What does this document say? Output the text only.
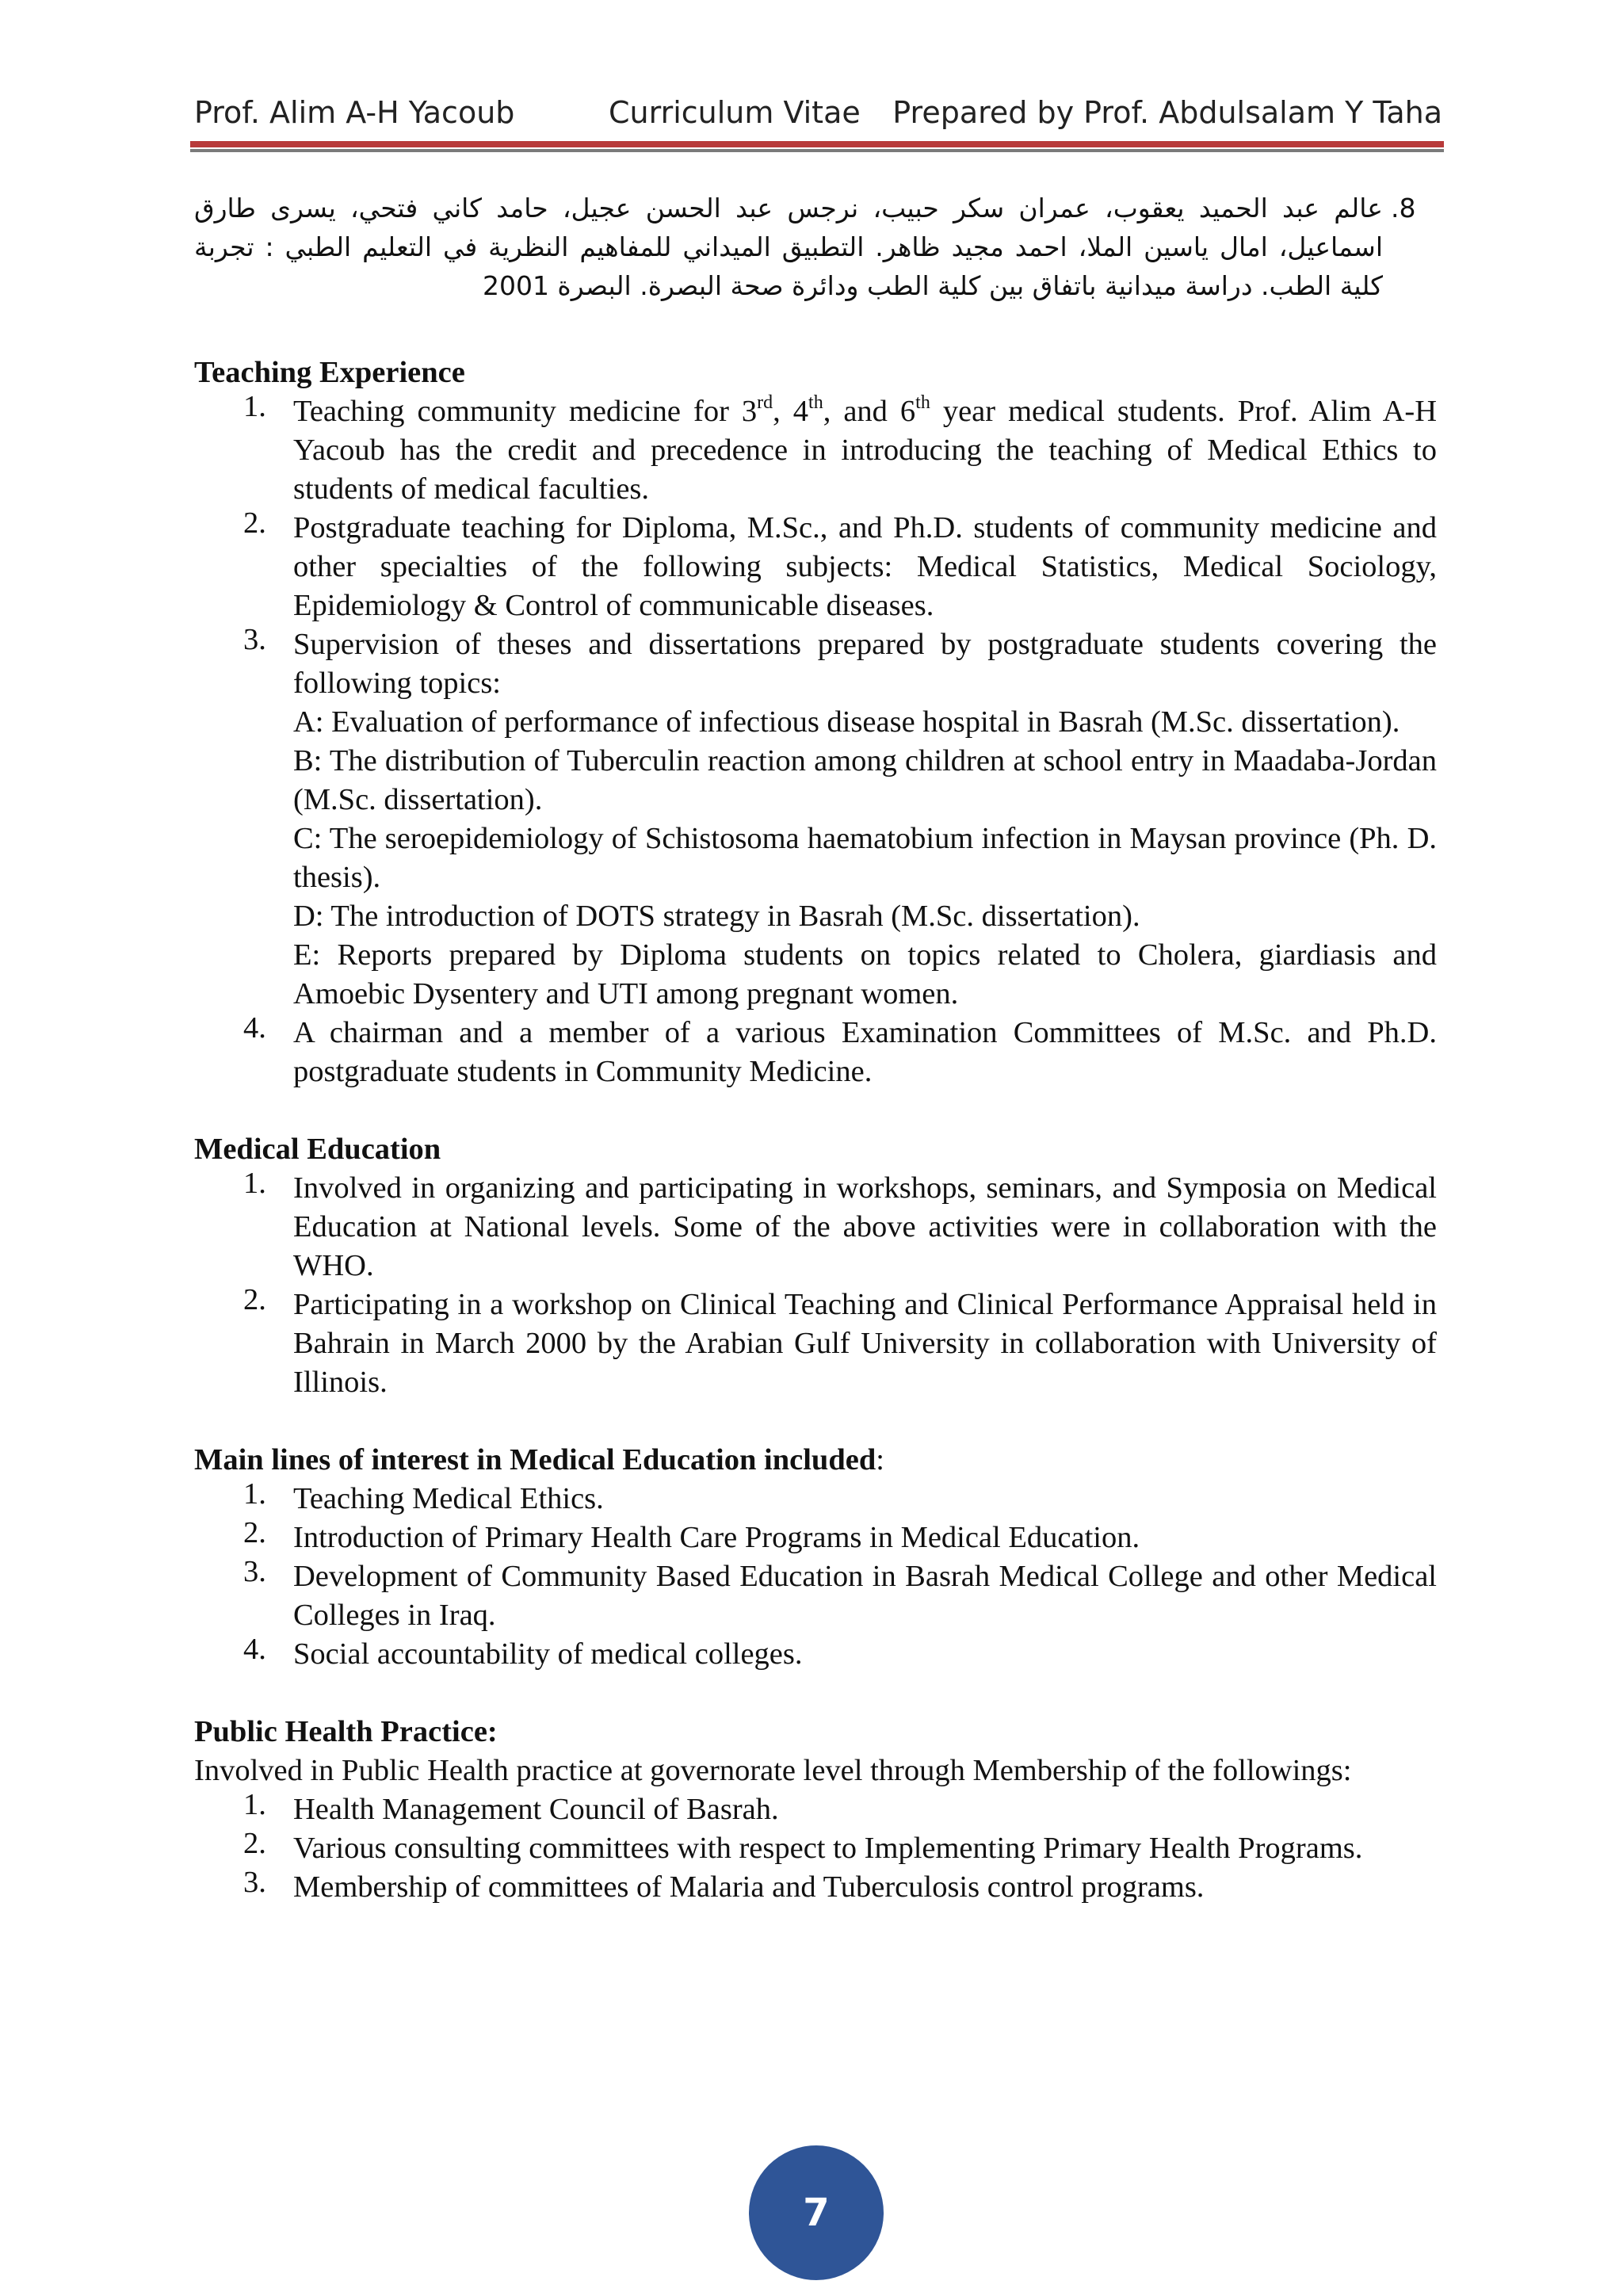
Prof. Alim A-H Yacoub	Curriculum Vitae Prepared by Prof. Abdulsalam Y Taha
.8
عالم عبد الحميد يعقوب، عمران سكر حبيب، نرجس عبد الحسن عجيل، حامد كاني فتحي، يسرى طارق اسماعيل، امال ياسين الملا، احمد مجيد ظاهر. التطبيق الميداني للمفاهيم النظرية في التعليم الطبي : تجربة كلية الطب. دراسة ميدانية باتفاق بين كلية الطب ودائرة صحة البصرة. البصرة 2001
Teaching Experience
1. Teaching community medicine for 3rd, 4th, and 6th year medical students. Prof. Alim A-H Yacoub has the credit and precedence in introducing the teaching of Medical Ethics to students of medical faculties.
2. Postgraduate teaching for Diploma, M.Sc., and Ph.D. students of community medicine and other specialties of the following subjects: Medical Statistics, Medical Sociology, Epidemiology & Control of communicable diseases.
3. Supervision of theses and dissertations prepared by postgraduate students covering the following topics:
A: Evaluation of performance of infectious disease hospital in Basrah (M.Sc. dissertation).
B: The distribution of Tuberculin reaction among children at school entry in Maadaba-Jordan (M.Sc. dissertation).
C: The seroepidemiology of Schistosoma haematobium infection in Maysan province (Ph. D. thesis).
D: The introduction of DOTS strategy in Basrah (M.Sc. dissertation).
E: Reports prepared by Diploma students on topics related to Cholera, giardiasis and Amoebic Dysentery and UTI among pregnant women.
4. A chairman and a member of a various Examination Committees of M.Sc. and Ph.D. postgraduate students in Community Medicine.
Medical Education
1. Involved in organizing and participating in workshops, seminars, and Symposia on Medical Education at National levels. Some of the above activities were in collaboration with the WHO.
2. Participating in a workshop on Clinical Teaching and Clinical Performance Appraisal held in Bahrain in March 2000 by the Arabian Gulf University in collaboration with University of Illinois.
Main lines of interest in Medical Education included:
1. Teaching Medical Ethics.
2. Introduction of Primary Health Care Programs in Medical Education.
3. Development of Community Based Education in Basrah Medical College and other Medical Colleges in Iraq.
4. Social accountability of medical colleges.
Public Health Practice:
Involved in Public Health practice at governorate level through Membership of the followings:
1. Health Management Council of Basrah.
2. Various consulting committees with respect to Implementing Primary Health Programs.
3. Membership of committees of Malaria and Tuberculosis control programs.
7
